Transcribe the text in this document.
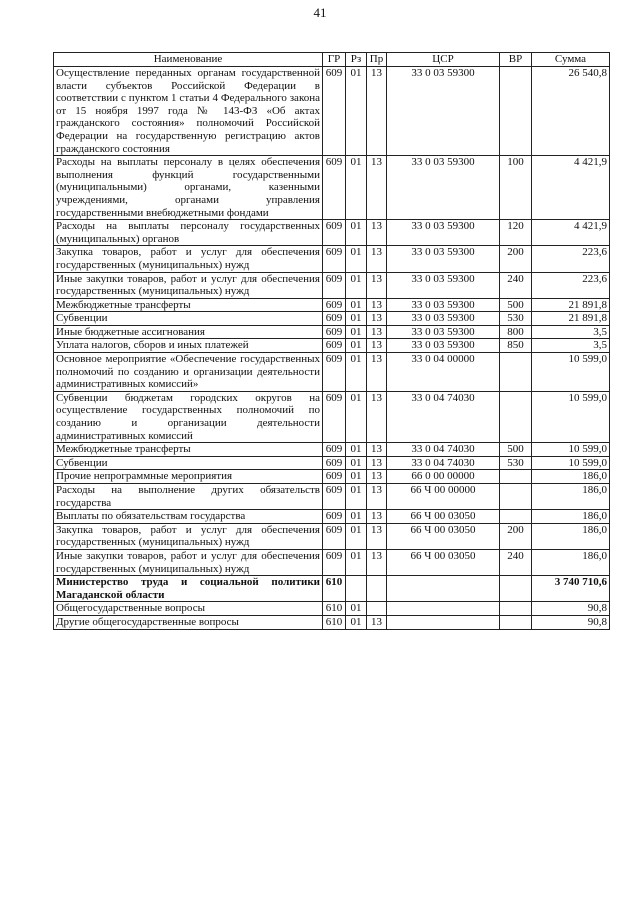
41
Наименование	ГР	Рз	Пр	ЦСР	ВР	Сумма
Осуществление переданных органам государственной власти субъектов Российской Федерации в соответствии с пунктом 1 статьи 4 Федерального закона от 15 ноября 1997 года № 143-ФЗ «Об актах гражданского состояния» полномочий Российской Федерации на государственную регистрацию актов гражданского состояния	609	01	13	33 0 03 59300		26 540,8
Расходы на выплаты персоналу в целях обеспечения выполнения функций государственными (муниципальными) органами, казенными учреждениями, органами управления государственными внебюджетными фондами	609	01	13	33 0 03 59300	100	4 421,9
Расходы на выплаты персоналу государственных (муниципальных) органов	609	01	13	33 0 03 59300	120	4 421,9
Закупка товаров, работ и услуг для обеспечения государственных (муниципальных) нужд	609	01	13	33 0 03 59300	200	223,6
Иные закупки товаров, работ и услуг для обеспечения государственных (муниципальных) нужд	609	01	13	33 0 03 59300	240	223,6
Межбюджетные трансферты	609	01	13	33 0 03 59300	500	21 891,8
Субвенции	609	01	13	33 0 03 59300	530	21 891,8
Иные бюджетные ассигнования	609	01	13	33 0 03 59300	800	3,5
Уплата налогов, сборов и иных платежей	609	01	13	33 0 03 59300	850	3,5
Основное мероприятие «Обеспечение государственных полномочий по созданию и организации деятельности административных комиссий»	609	01	13	33 0 04 00000		10 599,0
Субвенции бюджетам городских округов на осуществление государственных полномочий по созданию и организации деятельности административных комиссий	609	01	13	33 0 04 74030		10 599,0
Межбюджетные трансферты	609	01	13	33 0 04 74030	500	10 599,0
Субвенции	609	01	13	33 0 04 74030	530	10 599,0
Прочие непрограммные мероприятия	609	01	13	66 0 00 00000		186,0
Расходы на выполнение других обязательств государства	609	01	13	66 Ч 00 00000		186,0
Выплаты по обязательствам государства	609	01	13	66 Ч 00 03050		186,0
Закупка товаров, работ и услуг для обеспечения государственных (муниципальных) нужд	609	01	13	66 Ч 00 03050	200	186,0
Иные закупки товаров, работ и услуг для обеспечения государственных (муниципальных) нужд	609	01	13	66 Ч 00 03050	240	186,0
Министерство труда и социальной политики Магаданской области	610					3 740 710,6
Общегосударственные вопросы	610	01				90,8
Другие общегосударственные вопросы	610	01	13			90,8
